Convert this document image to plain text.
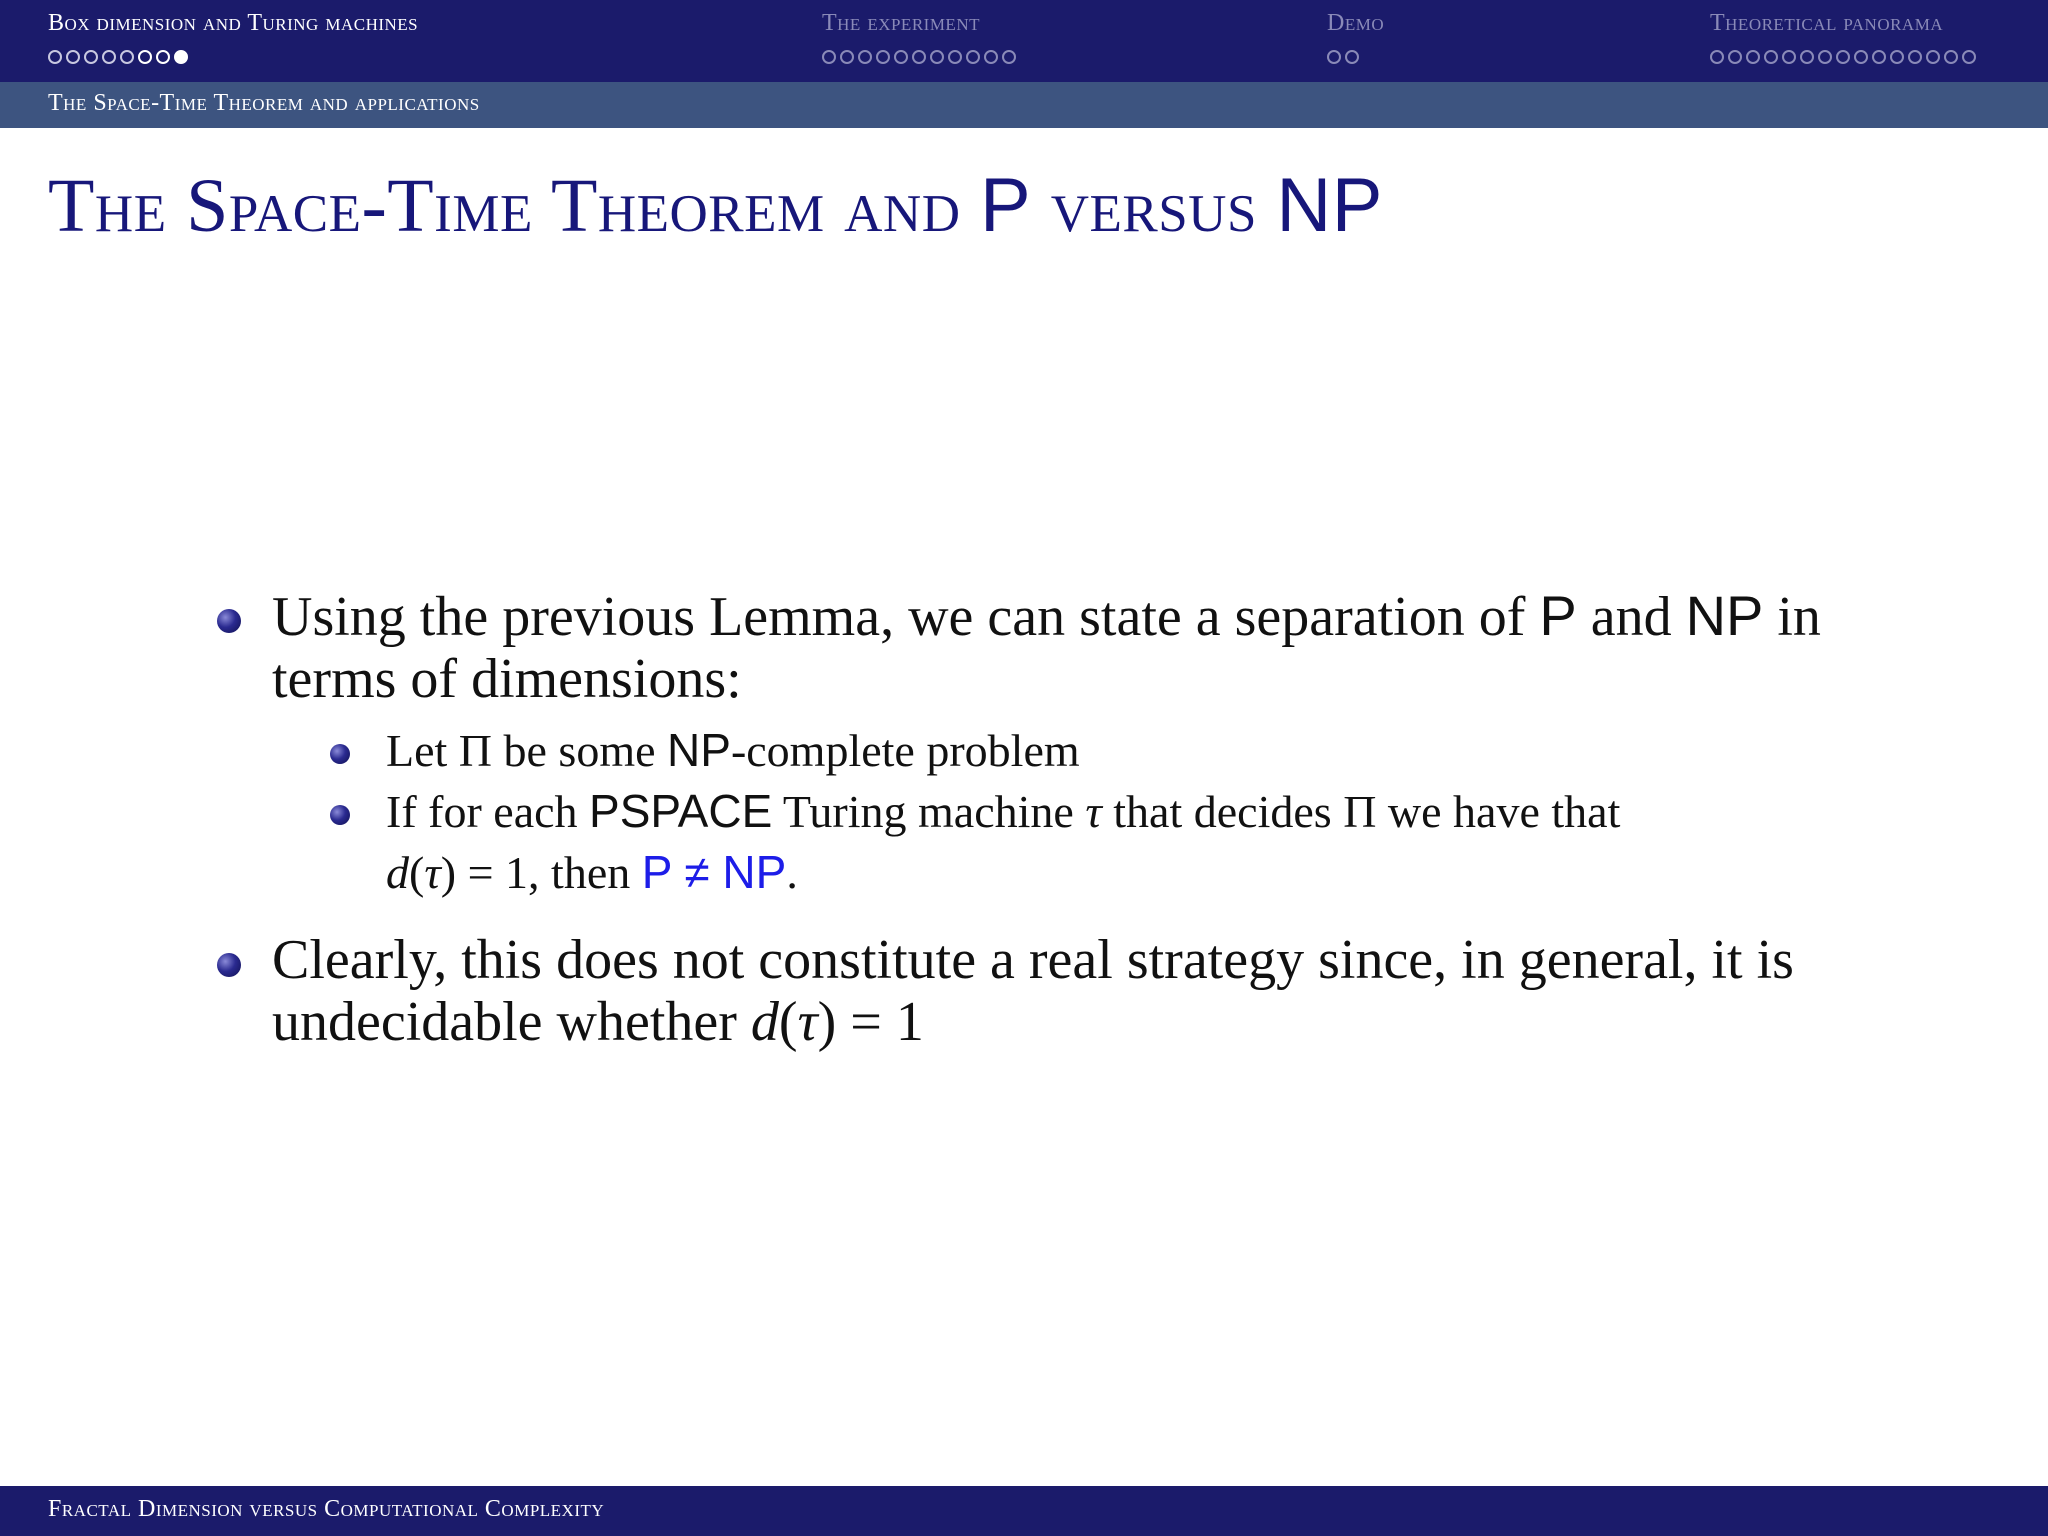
Box dimension and Turing machines	The experiment	Demo	Theoretical panorama
The Space-Time Theorem and applications
The Space-Time Theorem and P versus NP
Using the previous Lemma, we can state a separation of P and NP in terms of dimensions:
Let Π be some NP-complete problem
If for each PSPACE Turing machine τ that decides Π we have that
d(τ) = 1, then P ≠ NP.
Clearly, this does not constitute a real strategy since, in general, it is undecidable whether d(τ) = 1
Fractal Dimension versus Computational Complexity
